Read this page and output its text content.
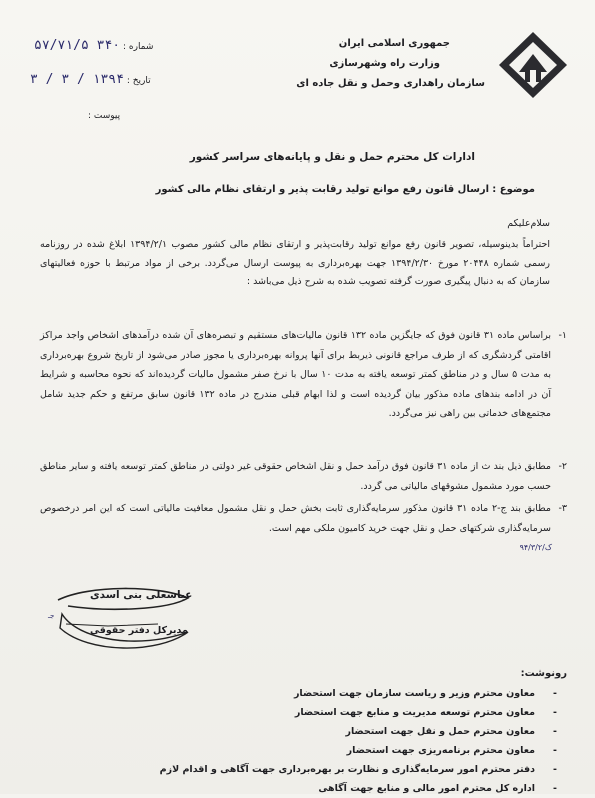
جمهوری اسلامی ایران
وزارت راه وشهرسازی
سازمان راهداری وحمل و نقل جاده ای
شماره : ۳۴۰ ۵۷/۷۱/۵
تاریخ : ۱۳۹۴ / ۳ / ۳
پیوست :
ادارات کل محترم حمل و نقل و پایانه‌های سراسر کشور
موضوع : ارسال قانون رفع موانع تولید رقابت پذیر و ارتقای نظام مالی کشور
سلام‌علیکم
احتراماً بدینوسیله، تصویر قانون رفع موانع تولید رقابت‌پذیر و ارتقای نظام مالی کشور مصوب ۱۳۹۴/۲/۱ ابلاغ شده در روزنامه رسمی شماره ۲۰۴۴۸ مورخ ۱۳۹۴/۲/۳۰ جهت بهره‌برداری به پیوست ارسال می‌گردد. برخی از مواد مرتبط با حوزه فعالیتهای سازمان که به دنبال پیگیری صورت گرفته تصویب شده به شرح ذیل می‌باشد :
۱-
براساس ماده ۳۱ قانون فوق که جایگزین ماده ۱۳۲ قانون مالیات‌های مستقیم و تبصره‌های آن شده درآمدهای اشخاص واجد مراکز اقامتی گردشگری که از طرف مراجع قانونی ذیربط برای آنها پروانه بهره‌برداری یا مجوز صادر می‌شود از تاریخ شروع بهره‌برداری به مدت ۵ سال و در مناطق کمتر توسعه یافته به مدت ۱۰ سال با نرخ صفر مشمول مالیات گردیده‌اند که نحوه محاسبه و شرایط آن در ادامه بندهای ماده مذکور بیان گردیده است و لذا ابهام قبلی مندرج در ماده ۱۳۲ قانون سابق مرتفع و حکم جدید شامل مجتمع‌های خدماتی بین راهی نیز می‌گردد.
۲-
مطابق ذیل بند ث از ماده ۳۱ قانون فوق درآمد حمل و نقل اشخاص حقوقی غیر دولتی در مناطق کمتر توسعه یافته و سایر مناطق حسب مورد مشمول مشوقهای مالیاتی می گردد.
۳-
مطابق بند ج-۲ ماده ۳۱ قانون مذکور سرمایه‌گذاری ثابت بخش حمل و نقل مشمول معافیت مالیاتی است که این امر درخصوص سرمایه‌گذاری شرکتهای حمل و نقل جهت خرید کامیون ملکی مهم است.
ک/۹۴/۳/۲
عباسعلی بنی اسدی
مدیرکل دفتر حقوقی
جـ
رونوشت:
-
معاون محترم وزیر و ریاست سازمان جهت استحضار
-
معاون محترم توسعه مدیریت و منابع جهت استحضار
-
معاون محترم حمل و نقل جهت استحضار
-
معاون محترم برنامه‌ریزی جهت استحضار
-
دفتر محترم امور سرمایه‌گذاری و نظارت بر بهره‌برداری جهت آگاهی و اقدام لازم
-
اداره کل محترم امور مالی و منابع جهت آگاهی
